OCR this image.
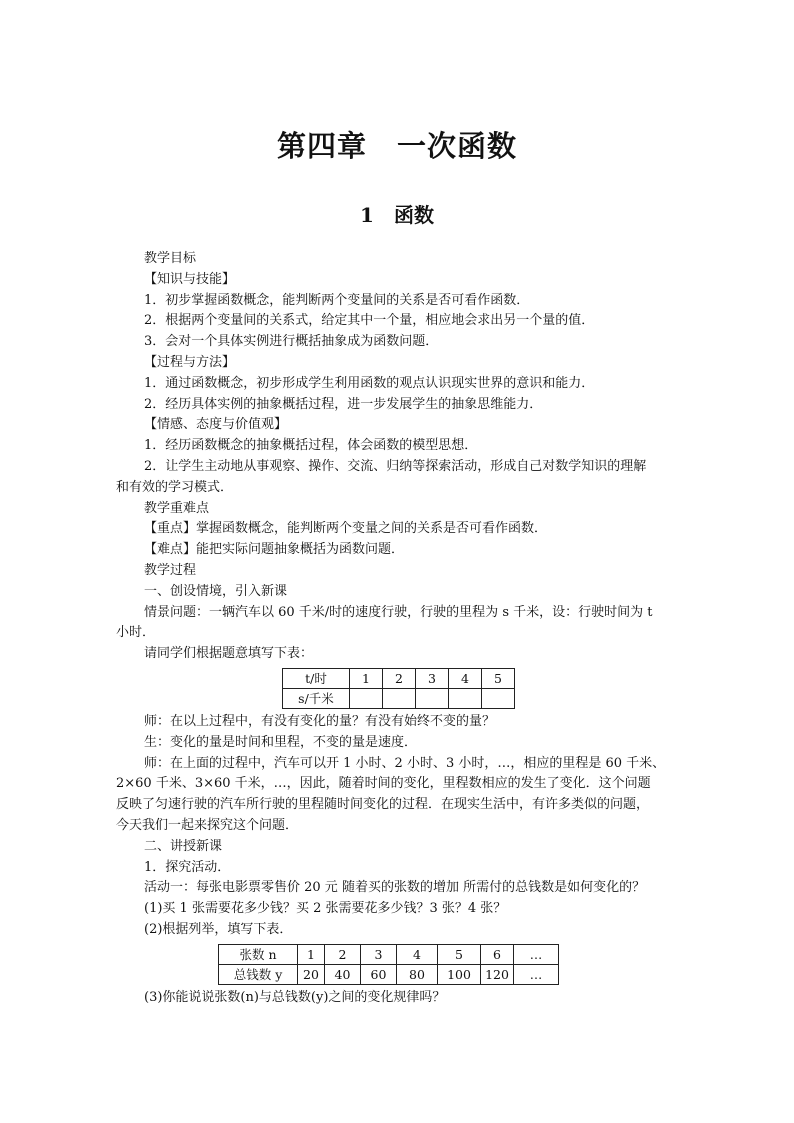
第四章　一次函数
1　函数
教学目标
【知识与技能】
1．初步掌握函数概念，能判断两个变量间的关系是否可看作函数．
2．根据两个变量间的关系式，给定其中一个量，相应地会求出另一个量的值．
3．会对一个具体实例进行概括抽象成为函数问题．
【过程与方法】
1．通过函数概念，初步形成学生利用函数的观点认识现实世界的意识和能力．
2．经历具体实例的抽象概括过程，进一步发展学生的抽象思维能力．
【情感、态度与价值观】
1．经历函数概念的抽象概括过程，体会函数的模型思想．
2．让学生主动地从事观察、操作、交流、归纳等探索活动，形成自己对数学知识的理解
和有效的学习模式．
教学重难点
【重点】掌握函数概念，能判断两个变量之间的关系是否可看作函数．
【难点】能把实际问题抽象概括为函数问题．
教学过程
一、创设情境，引入新课
情景问题：一辆汽车以 60 千米/时的速度行驶，行驶的里程为 s 千米，设：行驶时间为 t
小时．
请同学们根据题意填写下表：
t/时	1	2	3	4	5
s/千米					
师：在以上过程中，有没有变化的量？有没有始终不变的量？
生：变化的量是时间和里程，不变的量是速度．
师：在上面的过程中，汽车可以开 1 小时、2 小时、3 小时，…，相应的里程是 60 千米、
2×60 千米、3×60 千米，…，因此，随着时间的变化，里程数相应的发生了变化．这个问题
反映了匀速行驶的汽车所行驶的里程随时间变化的过程．在现实生活中，有许多类似的问题，
今天我们一起来探究这个问题．
二、讲授新课
1．探究活动．
活动一：每张电影票零售价 20 元 随着买的张数的增加 所需付的总钱数是如何变化的？
(1)买 1 张需要花多少钱？买 2 张需要花多少钱？3 张？4 张？
(2)根据列举，填写下表．
张数 n	1	2	3	4	5	6	…
总钱数 y	20	40	60	80	100	120	…
(3)你能说说张数(n)与总钱数(y)之间的变化规律吗？
